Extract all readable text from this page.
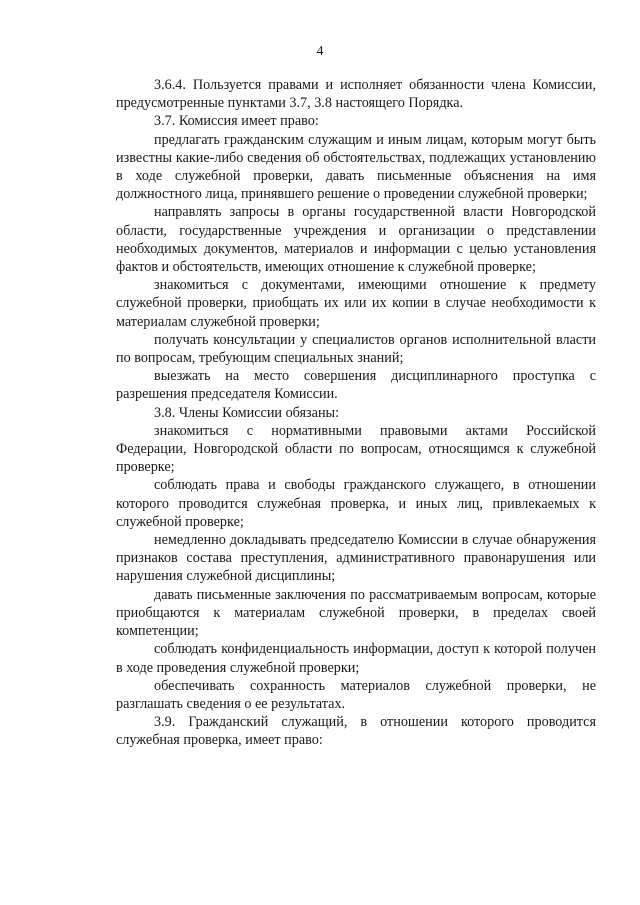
4

3.6.4. Пользуется правами и исполняет обязанности члена Комиссии, предусмотренные пунктами 3.7, 3.8 настоящего Порядка.

3.7. Комиссия имеет право:

предлагать гражданским служащим и иным лицам, которым могут быть известны какие-либо сведения об обстоятельствах, подлежащих установлению в ходе служебной проверки, давать письменные объяснения на имя должностного лица, принявшего решение о проведении служебной проверки;

направлять запросы в органы государственной власти Новгородской области, государственные учреждения и организации о представлении необходимых документов, материалов и информации с целью установления фактов и обстоятельств, имеющих отношение к служебной проверке;

знакомиться с документами, имеющими отношение к предмету служебной проверки, приобщать их или их копии в случае необходимости к материалам служебной проверки;

получать консультации у специалистов органов исполнительной власти по вопросам, требующим специальных знаний;

выезжать на место совершения дисциплинарного проступка с разрешения председателя Комиссии.

3.8. Члены Комиссии обязаны:

знакомиться с нормативными правовыми актами Российской Федерации, Новгородской области по вопросам, относящимся к служебной проверке;

соблюдать права и свободы гражданского служащего, в отношении которого проводится служебная проверка, и иных лиц, привлекаемых к служебной проверке;

немедленно докладывать председателю Комиссии в случае обнаружения признаков состава преступления, административного правонарушения или нарушения служебной дисциплины;

давать письменные заключения по рассматриваемым вопросам, которые приобщаются к материалам служебной проверки, в пределах своей компетенции;

соблюдать конфиденциальность информации, доступ к которой получен в ходе проведения служебной проверки;

обеспечивать сохранность материалов служебной проверки, не разглашать сведения о ее результатах.

3.9. Гражданский служащий, в отношении которого проводится служебная проверка, имеет право:
